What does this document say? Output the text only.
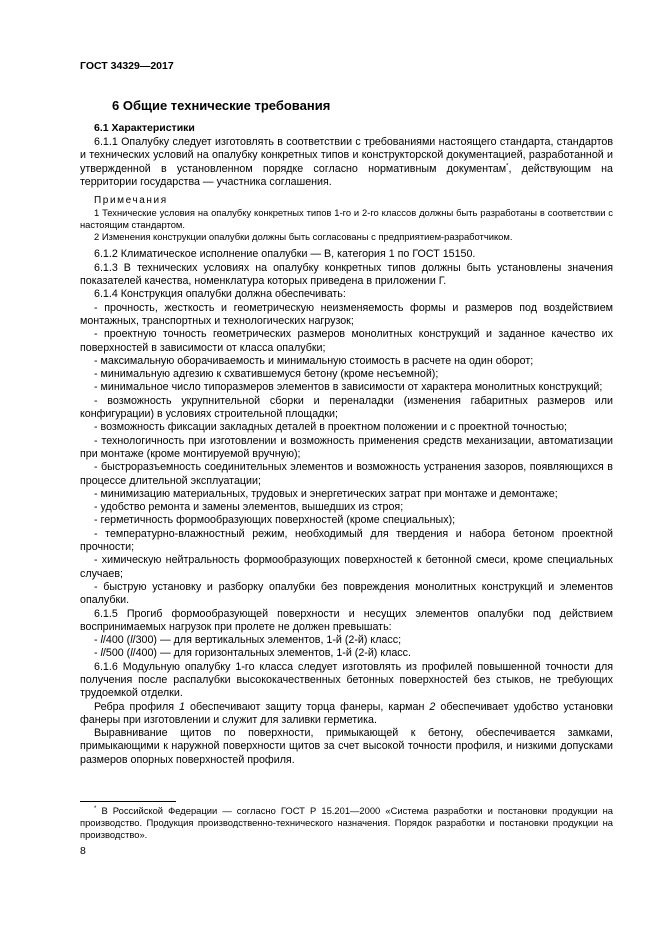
ГОСТ 34329—2017
6 Общие технические требования
6.1 Характеристики

6.1.1 Опалубку следует изготовлять в соответствии с требованиями настоящего стандарта, стандартов и технических условий на опалубку конкретных типов и конструкторской документацией, разработанной и утвержденной в установленном порядке согласно нормативным документам*, действующим на территории государства — участника соглашения.

Примечания

1 Технические условия на опалубку конкретных типов 1-го и 2-го классов должны быть разработаны в соответствии с настоящим стандартом.

2 Изменения конструкции опалубки должны быть согласованы с предприятием-разработчиком.

6.1.2 Климатическое исполнение опалубки — В, категория 1 по ГОСТ 15150.

6.1.3 В технических условиях на опалубку конкретных типов должны быть установлены значения показателей качества, номенклатура которых приведена в приложении Г.

6.1.4 Конструкция опалубки должна обеспечивать:

- прочность, жесткость и геометрическую неизменяемость формы и размеров под воздействием монтажных, транспортных и технологических нагрузок;

- проектную точность геометрических размеров монолитных конструкций и заданное качество их поверхностей в зависимости от класса опалубки;

- максимальную оборачиваемость и минимальную стоимость в расчете на один оборот;

- минимальную адгезию к схватившемуся бетону (кроме несъемной);

- минимальное число типоразмеров элементов в зависимости от характера монолитных конструкций;

- возможность укрупнительной сборки и переналадки (изменения габаритных размеров или конфигурации) в условиях строительной площадки;

- возможность фиксации закладных деталей в проектном положении и с проектной точностью;

- технологичность при изготовлении и возможность применения средств механизации, автоматизации при монтаже (кроме монтируемой вручную);

- быстроразъемность соединительных элементов и возможность устранения зазоров, появляющихся в процессе длительной эксплуатации;

- минимизацию материальных, трудовых и энергетических затрат при монтаже и демонтаже;

- удобство ремонта и замены элементов, вышедших из строя;

- герметичность формообразующих поверхностей (кроме специальных);

- температурно-влажностный режим, необходимый для твердения и набора бетоном проектной прочности;

- химическую нейтральность формообразующих поверхностей к бетонной смеси, кроме специальных случаев;

- быструю установку и разборку опалубки без повреждения монолитных конструкций и элементов опалубки.

6.1.5 Прогиб формообразующей поверхности и несущих элементов опалубки под действием воспринимаемых нагрузок при пролете не должен превышать:

- l/400 (l/300) — для вертикальных элементов, 1-й (2-й) класс;

- l/500 (l/400) — для горизонтальных элементов, 1-й (2-й) класс.

6.1.6 Модульную опалубку 1-го класса следует изготовлять из профилей повышенной точности для получения после распалубки высококачественных бетонных поверхностей без стыков, не требующих трудоемкой отделки.

Ребра профиля 1 обеспечивают защиту торца фанеры, карман 2 обеспечивает удобство установки фанеры при изготовлении и служит для заливки герметика.

Выравнивание щитов по поверхности, примыкающей к бетону, обеспечивается замками, примыкающими к наружной поверхности щитов за счет высокой точности профиля, и низкими допусками размеров опорных поверхностей профиля.

* В Российской Федерации — согласно ГОСТ Р 15.201—2000 «Система разработки и постановки продукции на производство. Продукция производственно-технического назначения. Порядок разработки и постановки продукции на производство».
8
